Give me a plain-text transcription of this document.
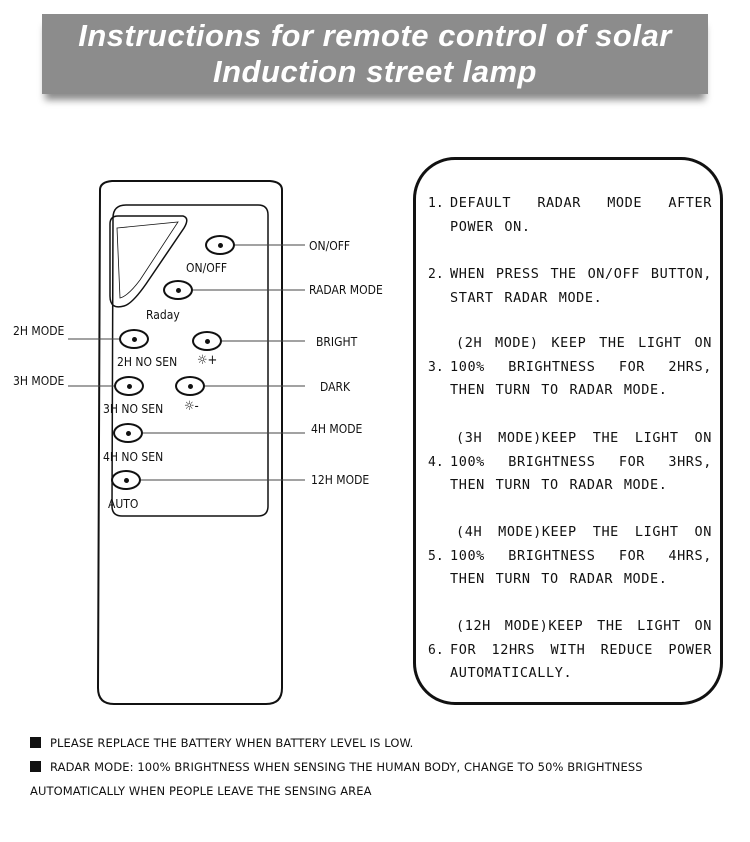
Instructions for remote control of solar
Induction street lamp
ON/OFF
Raday
2H NO SEN ☼+
3H NO SEN ☼-
4H NO SEN
AUTO
ON/OFF
RADAR MODE
2H MODE
BRIGHT
3H MODE	DARK
4H MODE
12H MODE
1. DEFAULT RADAR MODE AFTER POWER ON.
2. WHEN PRESS THE ON/OFF BUTTON, START RADAR MODE.
3.
(2H MODE) KEEP THE LIGHT ON 100% BRIGHTNESS FOR 2HRS, THEN TURN TO RADAR MODE.
4.
(3H MODE)KEEP THE LIGHT ON 100% BRIGHTNESS FOR 3HRS, THEN TURN TO RADAR MODE.
5.
(4H MODE)KEEP THE LIGHT ON 100% BRIGHTNESS FOR 4HRS, THEN TURN TO RADAR MODE.
6.
(12H MODE)KEEP THE LIGHT ON FOR 12HRS WITH REDUCE POWER AUTOMATICALLY.
PLEASE REPLACE THE BATTERY WHEN BATTERY LEVEL IS LOW.
RADAR MODE: 100% BRIGHTNESS WHEN SENSING THE HUMAN BODY, CHANGE TO 50% BRIGHTNESS AUTOMATICALLY WHEN PEOPLE LEAVE THE SENSING AREA
